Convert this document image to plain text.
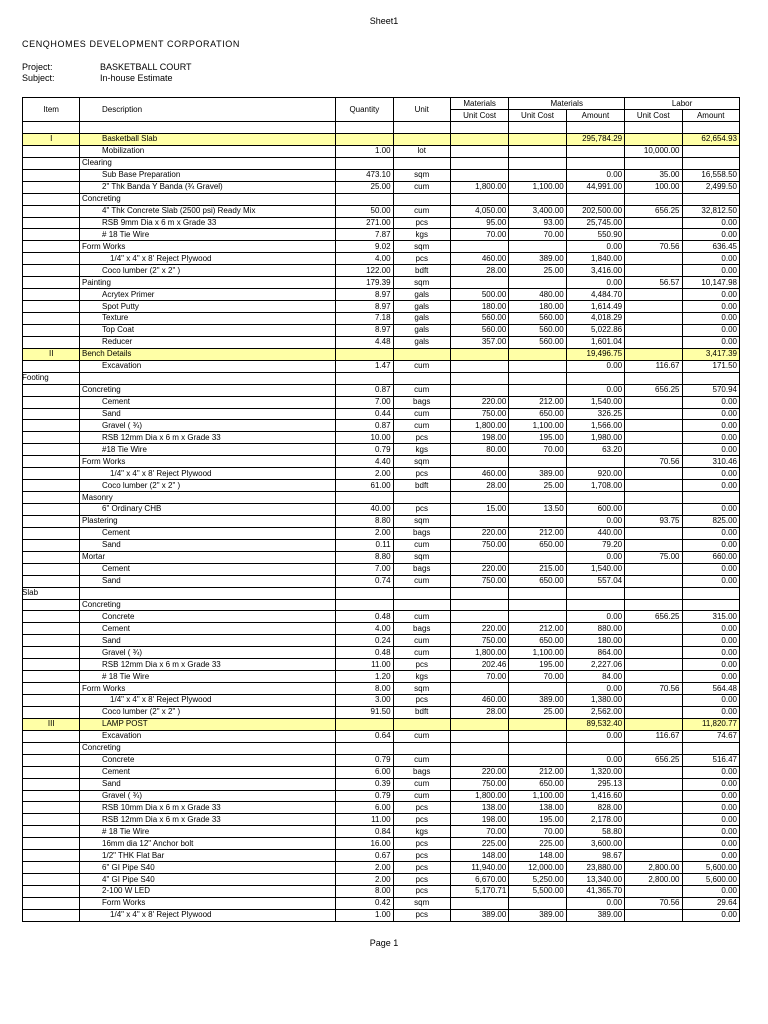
Sheet1
CENQHOMES DEVELOPMENT CORPORATION
Project:	BASKETBALL COURT
Subject:	In-house Estimate
Item		Description	Quantity	Unit	Materials	Materials		Labor	
					Unit Cost	Unit Cost	Amount	Unit Cost	Amount

I		Basketball Slab					295,784.29		62,654.93
		Mobilization	1.00	lot				10,000.00	
		Clearing							
		Sub Base Preparation	473.10	sqm			0.00	35.00	16,558.50
		2" Thk Banda Y Banda (¾ Gravel)	25.00	cum	1,800.00	1,100.00	44,991.00	100.00	2,499.50
		Concreting							
		4" Thk Concrete Slab (2500 psi) Ready Mix	50.00	cum	4,050.00	3,400.00	202,500.00	656.25	32,812.50
		RSB 9mm Dia x 6 m x Grade 33	271.00	pcs	95.00	93.00	25,745.00		0.00
		# 18 Tie Wire	7.87	kgs	70.00	70.00	550.90		0.00
		Form Works	9.02	sqm			0.00	70.56	636.45
		1/4" x 4" x 8' Reject Plywood	4.00	pcs	460.00	389.00	1,840.00		0.00
		Coco lumber (2" x 2" )	122.00	bdft	28.00	25.00	3,416.00		0.00
		Painting	179.39	sqm			0.00	56.57	10,147.98
		Acrytex Primer	8.97	gals	500.00	480.00	4,484.70		0.00
		Spot Putty	8.97	gals	180.00	180.00	1,614.49		0.00
		Texture	7.18	gals	560.00	560.00	4,018.29		0.00
		Top Coat	8.97	gals	560.00	560.00	5,022.86		0.00
		Reducer	4.48	gals	357.00	560.00	1,601.04		0.00
II		Bench Details					19,496.75		3,417.39
		Excavation	1.47	cum			0.00	116.67	171.50
		Footing							
		Concreting	0.87	cum			0.00	656.25	570.94
		Cement	7.00	bags	220.00	212.00	1,540.00		0.00
		Sand	0.44	cum	750.00	650.00	326.25		0.00
		Gravel ( ¾)	0.87	cum	1,800.00	1,100.00	1,566.00		0.00
		RSB 12mm Dia x 6 m x Grade 33	10.00	pcs	198.00	195.00	1,980.00		0.00
		#18 Tie Wire	0.79	kgs	80.00	70.00	63.20		0.00
		Form Works	4.40	sqm				70.56	310.46
		1/4" x 4" x 8' Reject Plywood	2.00	pcs	460.00	389.00	920.00		0.00
		Coco lumber (2" x 2" )	61.00	bdft	28.00	25.00	1,708.00		0.00
		Masonry							
		6" Ordinary CHB	40.00	pcs	15.00	13.50	600.00		0.00
		Plastering	8.80	sqm			0.00	93.75	825.00
		Cement	2.00	bags	220.00	212.00	440.00		0.00
		Sand	0.11	cum	750.00	650.00	79.20		0.00
		Mortar	8.80	sqm			0.00	75.00	660.00
		Cement	7.00	bags	220.00	215.00	1,540.00		0.00
		Sand	0.74	cum	750.00	650.00	557.04		0.00
		Slab							
		Concreting							
		Concrete	0.48	cum			0.00	656.25	315.00
		Cement	4.00	bags	220.00	212.00	880.00		0.00
		Sand	0.24	cum	750.00	650.00	180.00		0.00
		Gravel ( ¾)	0.48	cum	1,800.00	1,100.00	864.00		0.00
		RSB 12mm Dia x 6 m x Grade 33	11.00	pcs	202.46	195.00	2,227.06		0.00
		# 18 Tie Wire	1.20	kgs	70.00	70.00	84.00		0.00
		Form Works	8.00	sqm			0.00	70.56	564.48
		1/4" x 4" x 8' Reject Plywood	3.00	pcs	460.00	389.00	1,380.00		0.00
		Coco lumber (2" x 2" )	91.50	bdft	28.00	25.00	2,562.00		0.00
III		LAMP POST					89,532.40		11,820.77
		Excavation	0.64	cum			0.00	116.67	74.67
		Concreting							
		Concrete	0.79	cum			0.00	656.25	516.47
		Cement	6.00	bags	220.00	212.00	1,320.00		0.00
		Sand	0.39	cum	750.00	650.00	295.13		0.00
		Gravel ( ¾)	0.79	cum	1,800.00	1,100.00	1,416.60		0.00
		RSB 10mm Dia x 6 m x Grade 33	6.00	pcs	138.00	138.00	828.00		0.00
		RSB 12mm Dia x 6 m x Grade 33	11.00	pcs	198.00	195.00	2,178.00		0.00
		# 18 Tie Wire	0.84	kgs	70.00	70.00	58.80		0.00
		16mm dia 12" Anchor bolt	16.00	pcs	225.00	225.00	3,600.00		0.00
		1/2" THK Flat Bar	0.67	pcs	148.00	148.00	98.67		0.00
		6" GI Pipe S40	2.00	pcs	11,940.00	12,000.00	23,880.00	2,800.00	5,600.00
		4" GI Pipe S40	2.00	pcs	6,670.00	5,250.00	13,340.00	2,800.00	5,600.00
		2-100 W LED	8.00	pcs	5,170.71	5,500.00	41,365.70		0.00
		Form Works	0.42	sqm			0.00	70.56	29.64
		1/4" x 4" x 8' Reject Plywood	1.00	pcs	389.00	389.00	389.00		0.00
Page 1
